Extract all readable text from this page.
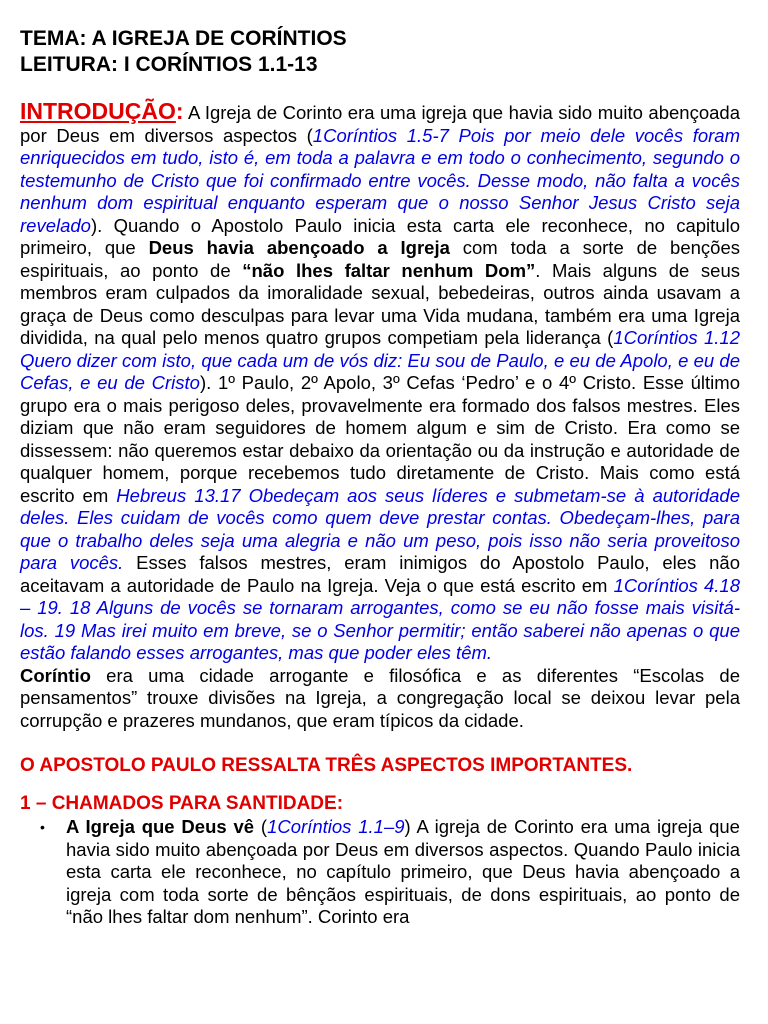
TEMA: A IGREJA DE CORÍNTIOS

LEITURA: I CORÍNTIOS 1.1-13

INTRODUÇÃO: A Igreja de Corinto era uma igreja que havia sido muito abençoada por Deus em diversos aspectos (1Coríntios 1.5-7 Pois por meio dele vocês foram enriquecidos em tudo, isto é, em toda a palavra e em todo o conhecimento, segundo o testemunho de Cristo que foi confirmado entre vocês. Desse modo, não falta a vocês nenhum dom espiritual enquanto esperam que o nosso Senhor Jesus Cristo seja revelado). Quando o Apostolo Paulo inicia esta carta ele reconhece, no capitulo primeiro, que Deus havia abençoado a Igreja com toda a sorte de benções espirituais, ao ponto de “não lhes faltar nenhum Dom”. Mais alguns de seus membros eram culpados da imoralidade sexual, bebedeiras, outros ainda usavam a graça de Deus como desculpas para levar uma Vida mudana, também era uma Igreja dividida, na qual pelo menos quatro grupos competiam pela liderança (1Coríntios 1.12 Quero dizer com isto, que cada um de vós diz: Eu sou de Paulo, e eu de Apolo, e eu de Cefas, e eu de Cristo). 1º Paulo, 2º Apolo, 3º Cefas ‘Pedro’ e o 4º Cristo. Esse último grupo era o mais perigoso deles, provavelmente era formado dos falsos mestres. Eles diziam que não eram seguidores de homem algum e sim de Cristo. Era como se dissessem: não queremos estar debaixo da orientação ou da instrução e autoridade de qualquer homem, porque recebemos tudo diretamente de Cristo. Mais como está escrito em Hebreus 13.17 Obedeçam aos seus líderes e submetam-se à autoridade deles. Eles cuidam de vocês como quem deve prestar contas. Obedeçam-lhes, para que o trabalho deles seja uma alegria e não um peso, pois isso não seria proveitoso para vocês. Esses falsos mestres, eram inimigos do Apostolo Paulo, eles não aceitavam a autoridade de Paulo na Igreja. Veja o que está escrito em 1Coríntios 4.18 – 19. 18 Alguns de vocês se tornaram arrogantes, como se eu não fosse mais visitá-los. 19 Mas irei muito em breve, se o Senhor permitir; então saberei não apenas o que estão falando esses arrogantes, mas que poder eles têm.

Coríntio era uma cidade arrogante e filosófica e as diferentes “Escolas de pensamentos” trouxe divisões na Igreja, a congregação local se deixou levar pela corrupção e prazeres mundanos, que eram típicos da cidade.

O APOSTOLO PAULO RESSALTA TRÊS ASPECTOS IMPORTANTES.

1 – CHAMADOS PARA SANTIDADE:

• A Igreja que Deus vê (1Coríntios 1.1–9) A igreja de Corinto era uma igreja que havia sido muito abençoada por Deus em diversos aspectos. Quando Paulo inicia esta carta ele reconhece, no capítulo primeiro, que Deus havia abençoado a igreja com toda sorte de bênçãos espirituais, de dons espirituais, ao ponto de “não lhes faltar dom nenhum”. Corinto era
